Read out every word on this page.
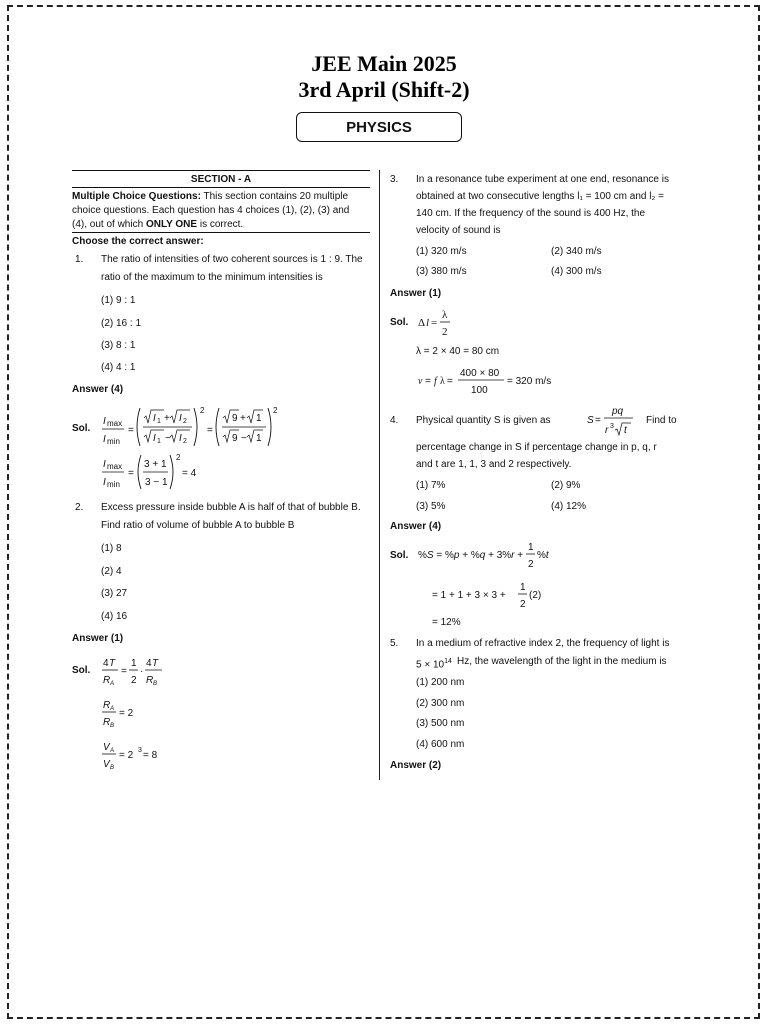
JEE Main 2025
3rd April (Shift-2)
PHYSICS
SECTION - A
Multiple Choice Questions: This section contains 20 multiple
choice questions. Each question has 4 choices (1), (2), (3) and
(4), out of which ONLY ONE is correct.
Choose the correct answer:
1. The ratio of intensities of two coherent sources is 1 : 9. The
ratio of the maximum to the minimum intensities is
(1) 9 : 1
(2) 16 : 1
(3) 8 : 1
(4) 4 : 1
Answer (4)
Sol.
I max
I min
=
I 1 + I 2
I 1 − I 2
2
=
9 + 1
9 − 1
2
I max
I min
=
3 + 1
3 − 1
2
= 4
2. Excess pressure inside bubble A is half of that of bubble B.
Find ratio of volume of bubble A to bubble B
(1) 8
(2) 4
(3) 27
(4) 16
Answer (1)
Sol.
4 T
R A
=
1
2
·
4 T
R B
R A
R B
= 2
V A
V B
= 2 3 = 8
3. In a resonance tube experiment at one end, resonance is
obtained at two consecutive lengths l₁ = 100 cm and l₂ =
140 cm. If the frequency of the sound is 400 Hz, the
velocity of sound is
(1) 320 m/s	(2) 340 m/s
(3) 380 m/s	(4) 300 m/s
Answer (1)
Sol. Δ l =
λ
2
λ = 2 × 40 = 80 cm
v = f λ =
400 × 80
100
= 320 m/s
4. Physical quantity S is given as	S =
pq
r 3 t
Find to
percentage change in S if percentage change in p, q, r
and t are 1, 1, 3 and 2 respectively.
(1) 7%	(2) 9%
(3) 5%	(4) 12%
Answer (4)
Sol. %S = %p + %q + 3%r +
1
2
%t
= 1 + 1 + 3 × 3 +
1
2
(2)
= 12%
5. In a medium of refractive index 2, the frequency of light is
$5 \times 10^{14}$ Hz, the wavelength of the light in the medium is
(1) 200 nm
(2) 300 nm
(3) 500 nm
(4) 600 nm
Answer (2)
